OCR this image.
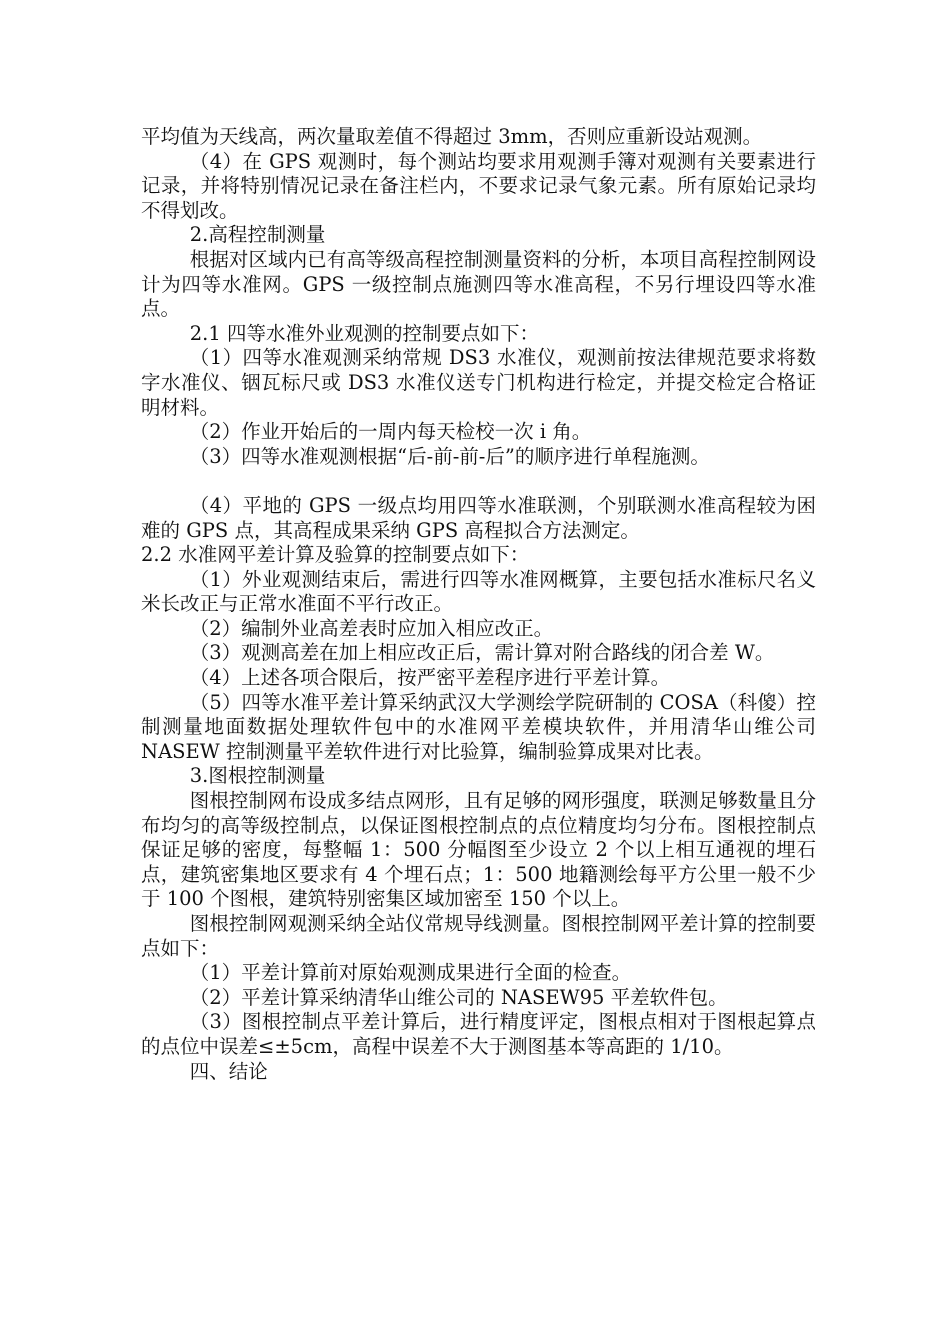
平均值为天线高，两次量取差值不得超过 3mm，否则应重新设站观测。

（4）在 GPS 观测时，每个测站均要求用观测手簿对观测有关要素进行记录，并将特别情况记录在备注栏内，不要求记录气象元素。所有原始记录均不得划改。

2.高程控制测量

根据对区域内已有高等级高程控制测量资料的分析，本项目高程控制网设计为四等水准网。GPS 一级控制点施测四等水准高程，不另行埋设四等水准点。

2.1 四等水准外业观测的控制要点如下：

（1）四等水准观测采纳常规 DS3 水准仪，观测前按法律规范要求将数字水准仪、铟瓦标尺或 DS3 水准仪送专门机构进行检定，并提交检定合格证明材料。

（2）作业开始后的一周内每天检校一次 i 角。

（3）四等水准观测根据“后-前-前-后”的顺序进行单程施测。

（4）平地的 GPS 一级点均用四等水准联测，个别联测水准高程较为困难的 GPS 点，其高程成果采纳 GPS 高程拟合方法测定。

2.2 水准网平差计算及验算的控制要点如下：

（1）外业观测结束后，需进行四等水准网概算，主要包括水准标尺名义米长改正与正常水准面不平行改正。

（2）编制外业高差表时应加入相应改正。

（3）观测高差在加上相应改正后，需计算对附合路线的闭合差 W。

（4）上述各项合限后，按严密平差程序进行平差计算。

（5）四等水准平差计算采纳武汉大学测绘学院研制的 COSA（科傻）控制测量地面数据处理软件包中的水准网平差模块软件，并用清华山维公司 NASEW 控制测量平差软件进行对比验算，编制验算成果对比表。

3.图根控制测量

图根控制网布设成多结点网形，且有足够的网形强度，联测足够数量且分布均匀的高等级控制点，以保证图根控制点的点位精度均匀分布。图根控制点保证足够的密度，每整幅 1：500 分幅图至少设立 2 个以上相互通视的埋石点，建筑密集地区要求有 4 个埋石点；1：500 地籍测绘每平方公里一般不少于 100 个图根，建筑特别密集区域加密至 150 个以上。

图根控制网观测采纳全站仪常规导线测量。图根控制网平差计算的控制要点如下：

（1）平差计算前对原始观测成果进行全面的检查。

（2）平差计算采纳清华山维公司的 NASEW95 平差软件包。

（3）图根控制点平差计算后，进行精度评定，图根点相对于图根起算点的点位中误差≤±5cm，高程中误差不大于测图基本等高距的 1/10。

四、结论
